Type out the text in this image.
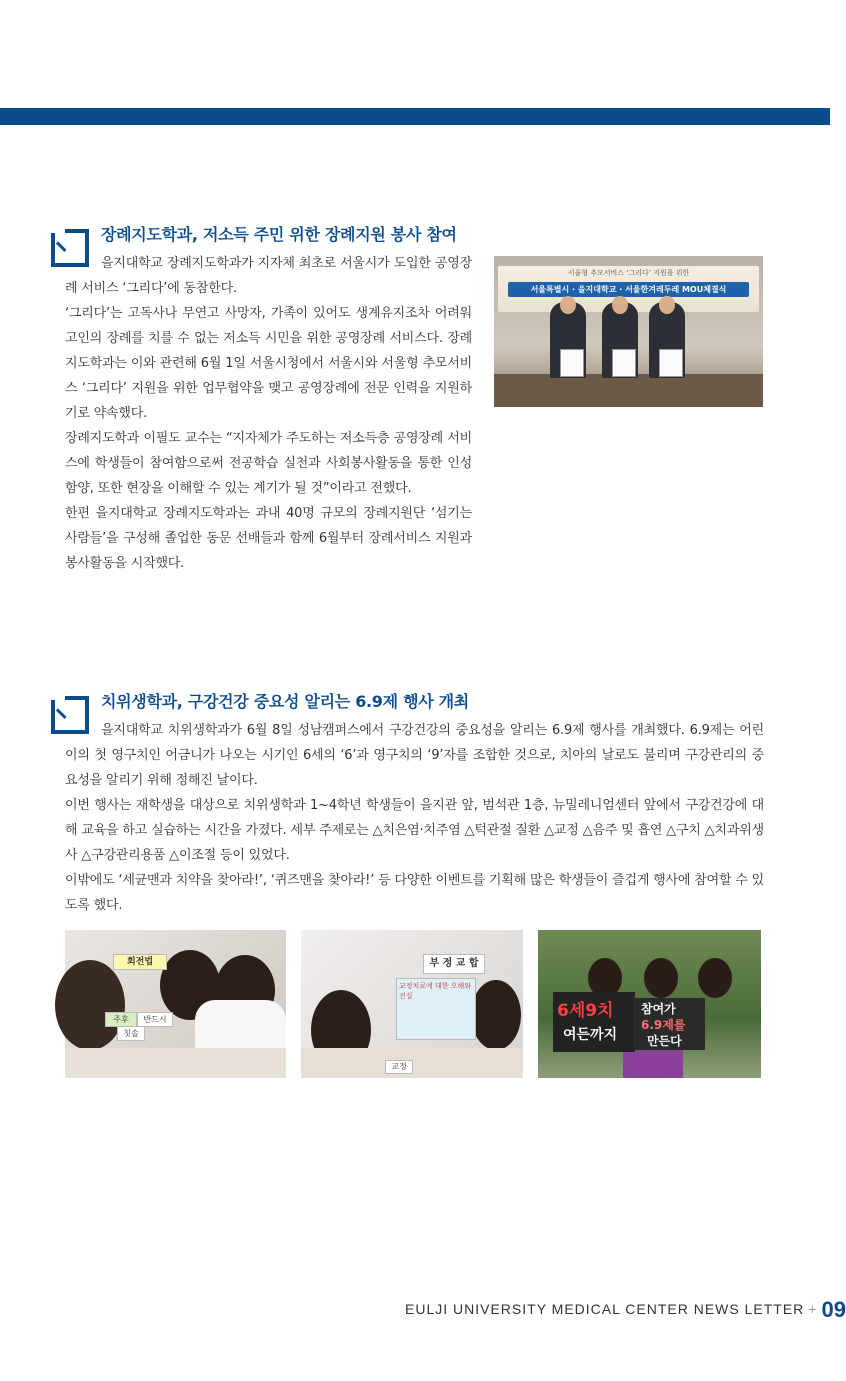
장례지도학과, 저소득 주민 위한 장례지원 봉사 참여

을지대학교 장례지도학과가 지자체 최초로 서울시가 도입한 공영장례 서비스 ‘그리다’에 동참한다.

‘그리다’는 고독사나 무연고 사망자, 가족이 있어도 생계유지조차 어려워 고인의 장례를 치를 수 없는 저소득 시민을 위한 공영장례 서비스다. 장례지도학과는 이와 관련해 6월 1일 서울시청에서 서울시와 서울형 추모서비스 ‘그리다’ 지원을 위한 업무협약을 맺고 공영장례에 전문 인력을 지원하기로 약속했다.

장례지도학과 이필도 교수는 “지자체가 주도하는 저소득층 공영장례 서비스에 학생들이 참여함으로써 전공학습 실천과 사회봉사활동을 통한 인성함양, 또한 현장을 이해할 수 있는 계기가 될 것”이라고 전했다.

한편 을지대학교 장례지도학과는 과내 40명 규모의 장례지원단 ‘섬기는 사람들’을 구성해 졸업한 동문 선배들과 함께 6월부터 장례서비스 지원과 봉사활동을 시작했다.

서울형 추모서비스 ‘그리다’ 지원을 위한
서울특별시 · 을지대학교 · 서울한겨레두레 MOU체결식
치위생학과, 구강건강 중요성 알리는 6.9제 행사 개최

을지대학교 치위생학과가 6월 8일 성남캠퍼스에서 구강건강의 중요성을 알리는 6.9제 행사를 개최했다. 6.9제는 어린이의 첫 영구치인 어금니가 나오는 시기인 6세의 ‘6’과 영구치의 ‘9’자를 조합한 것으로, 치아의 날로도 불리며 구강관리의 중요성을 알리기 위해 정해진 날이다.

이번 행사는 재학생을 대상으로 치위생학과 1~4학년 학생들이 을지관 앞, 범석관 1층, 뉴밀레니엄센터 앞에서 구강건강에 대해 교육을 하고 실습하는 시간을 가졌다. 세부 주제로는 △치은염·치주염 △턱관절 질환 △교정 △음주 및 흡연 △구치 △치과위생사 △구강관리용품 △이조절 등이 있었다.

이밖에도 ‘세균맨과 치약을 찾아라!’, ‘퀴즈맨을 찾아라!’ 등 다양한 이벤트를 기획해 많은 학생들이 즐겁게 행사에 참여할 수 있도록 했다.

회전법
주후	반드시
칫솔
부 정 교 합
교정치료에 대한 오해와 진실
교정
6세9치
여든까지
참여가
6.9제를
만든다
EULJI UNIVERSITY MEDICAL CENTER NEWS LETTER + 09
